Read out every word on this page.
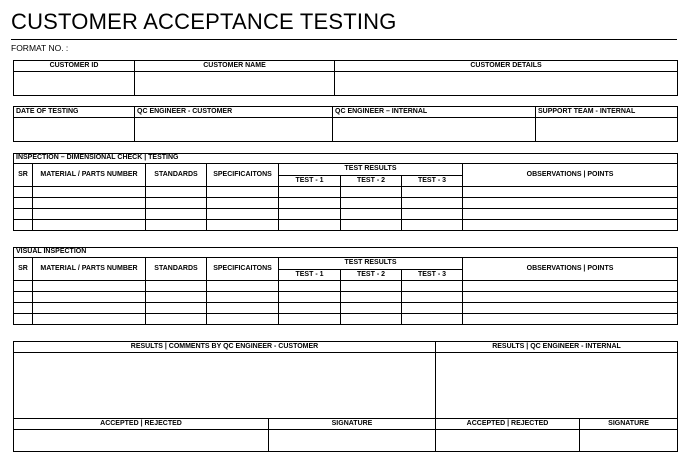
CUSTOMER ACCEPTANCE TESTING
FORMAT NO. :
CUSTOMER ID	CUSTOMER NAME	CUSTOMER DETAILS

DATE OF TESTING	QC ENGINEER - CUSTOMER	QC ENGINEER – INTERNAL	SUPPORT TEAM - INTERNAL

INSPECTION – DIMENSIONAL CHECK | TESTING							
SR	MATERIAL / PARTS NUMBER	STANDARDS	SPECIFICAITONS	TEST RESULTS			OBSERVATIONS | POINTS
				TEST - 1	TEST - 2	TEST - 3	

VISUAL INSPECTION							
SR	MATERIAL / PARTS NUMBER	STANDARDS	SPECIFICAITONS	TEST RESULTS			OBSERVATIONS | POINTS
				TEST - 1	TEST - 2	TEST - 3	

RESULTS | COMMENTS BY QC ENGINEER - CUSTOMER		RESULTS | QC ENGINEER - INTERNAL	

ACCEPTED | REJECTED	SIGNATURE	ACCEPTED | REJECTED	SIGNATURE
